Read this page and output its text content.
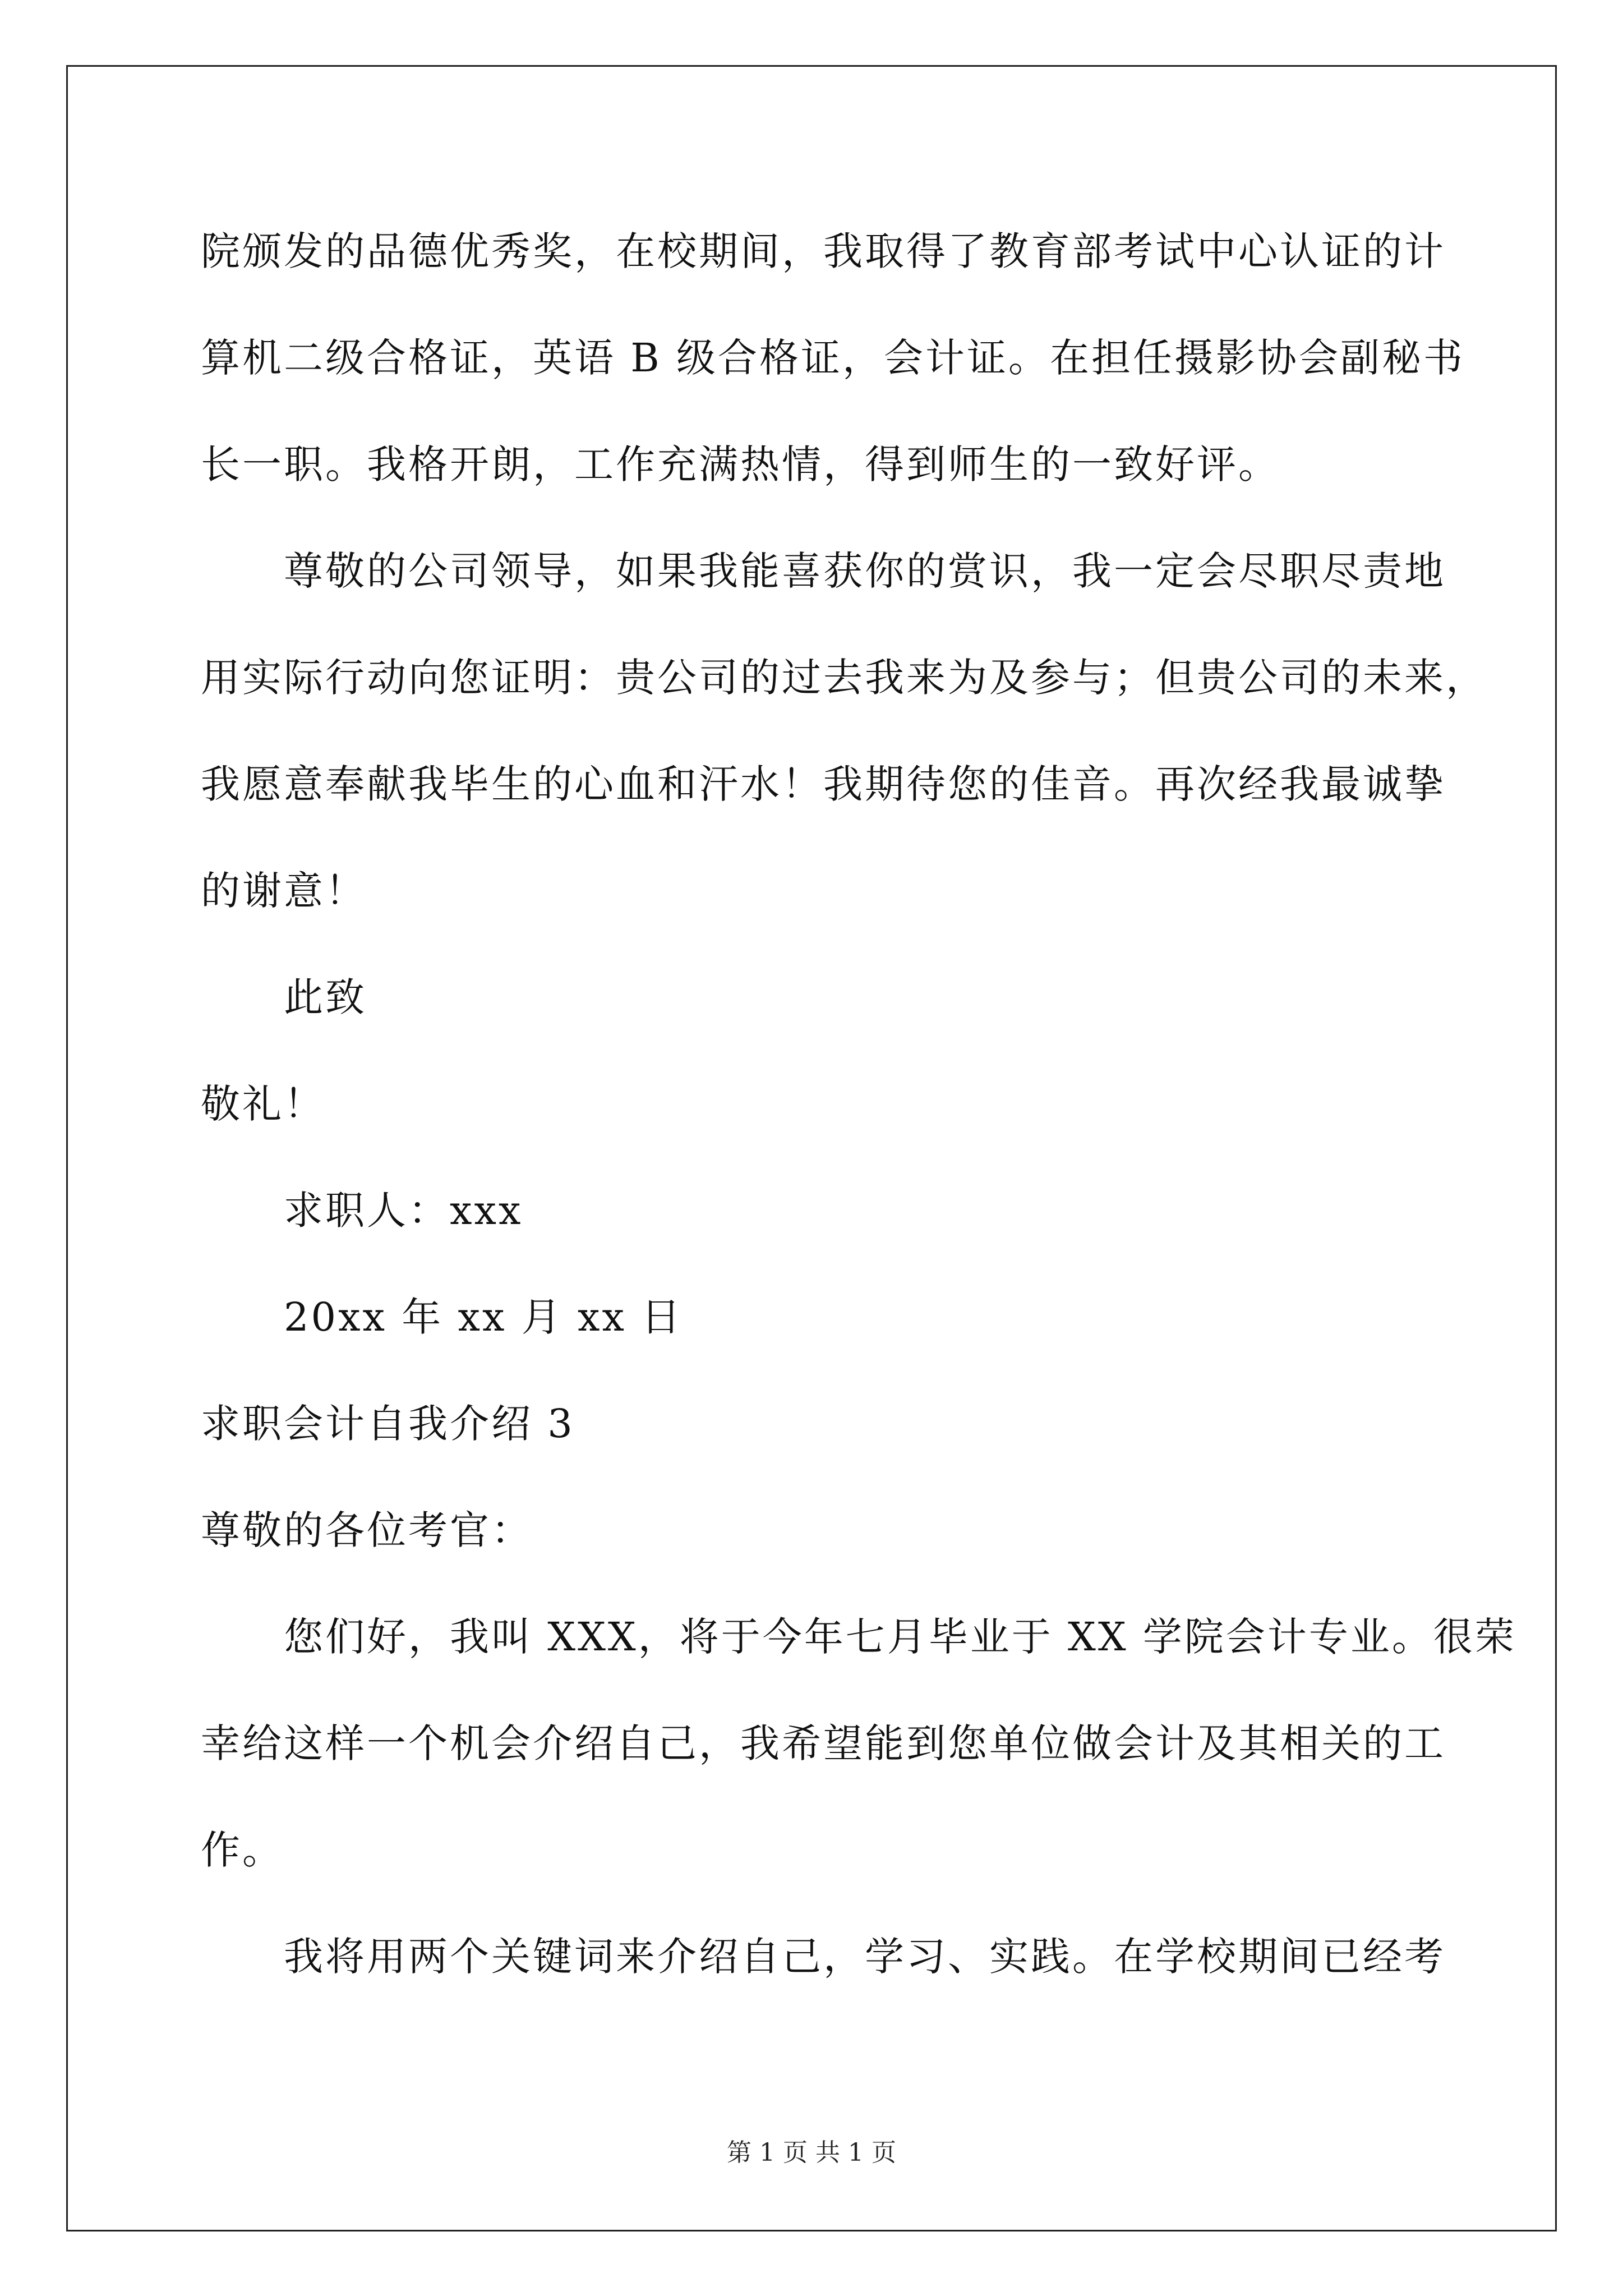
院颁发的品德优秀奖，在校期间，我取得了教育部考试中心认证的计
算机二级合格证，英语 B 级合格证，会计证。在担任摄影协会副秘书
长一职。我格开朗，工作充满热情，得到师生的一致好评。
尊敬的公司领导，如果我能喜获你的赏识，我一定会尽职尽责地
用实际行动向您证明：贵公司的过去我来为及参与；但贵公司的未来，
我愿意奉献我毕生的心血和汗水！我期待您的佳音。再次经我最诚挚
的谢意！
此致
敬礼！
求职人：xxx
20xx 年 xx 月 xx 日
求职会计自我介绍 3
尊敬的各位考官：
您们好，我叫 XXX，将于今年七月毕业于 XX 学院会计专业。很荣
幸给这样一个机会介绍自己，我希望能到您单位做会计及其相关的工
作。
我将用两个关键词来介绍自己，学习、实践。在学校期间已经考
第 1 页 共 1 页
